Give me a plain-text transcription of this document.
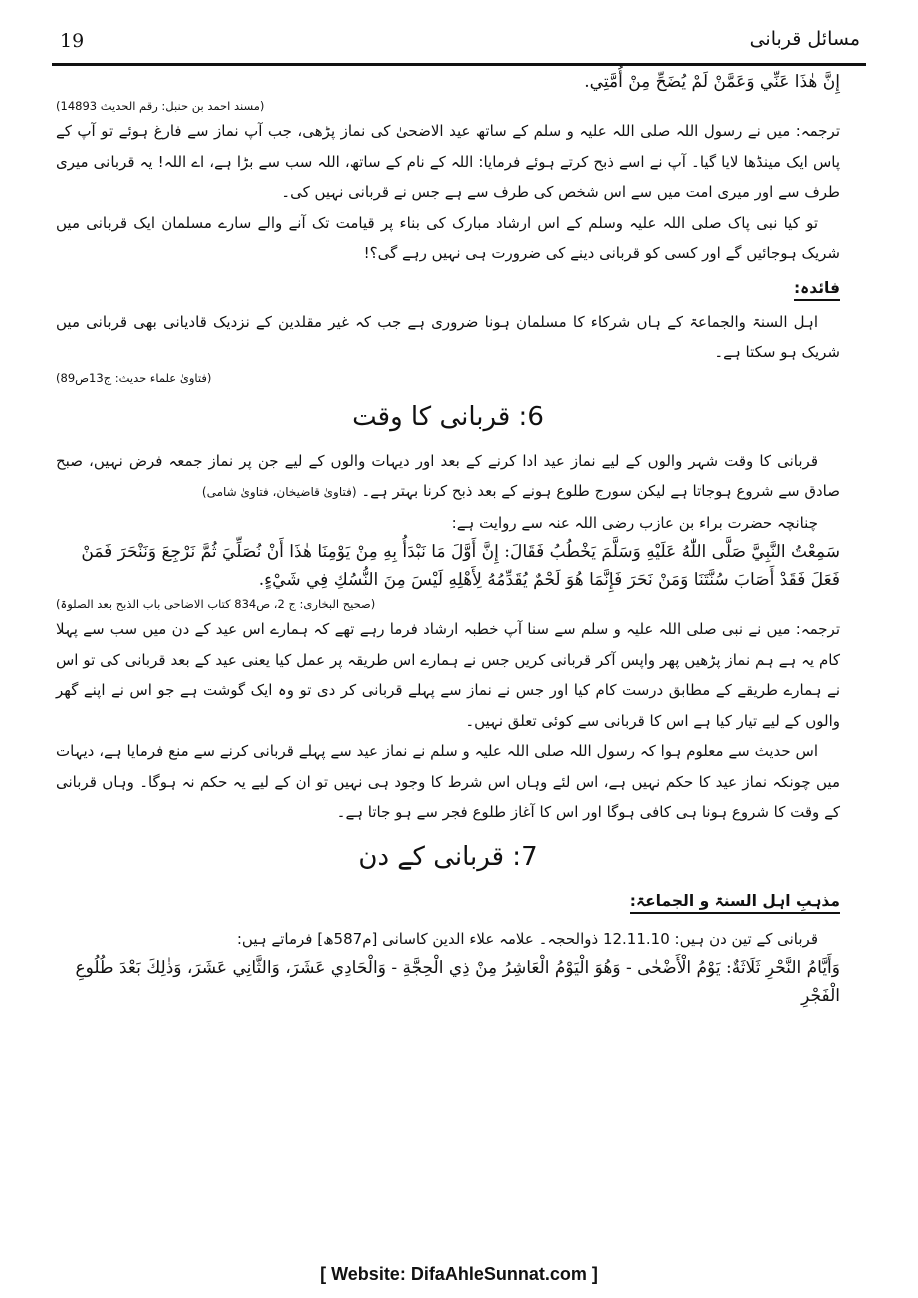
19	مسائل قربانی

إِنَّ هٰذَا عَنِّي وَعَمَّنْ لَمْ يُضَحِّ مِنْ أُمَّتِي.

(مسند احمد بن حنبل: رقم الحدیث 14893)

ترجمہ: میں نے رسول اللہ صلی اللہ علیہ و سلم کے ساتھ عید الاضحیٰ کی نماز پڑھی، جب آپ نماز سے فارغ ہوئے تو آپ کے پاس ایک مینڈھا لایا گیا۔ آپ نے اسے ذبح کرتے ہوئے فرمایا: اللہ کے نام کے ساتھ، اللہ سب سے بڑا ہے، اے اللہ! یہ قربانی میری طرف سے اور میری امت میں سے اس شخص کی طرف سے ہے جس نے قربانی نہیں کی۔

تو کیا نبی پاک صلی اللہ علیہ وسلم کے اس ارشاد مبارک کی بناء پر قیامت تک آنے والے سارے مسلمان ایک قربانی میں شریک ہوجائیں گے اور کسی کو قربانی دینے کی ضرورت ہی نہیں رہے گی؟!

فائدہ:

اہل السنۃ والجماعۃ کے ہاں شرکاء کا مسلمان ہونا ضروری ہے جب کہ غیر مقلدین کے نزدیک قادیانی بھی قربانی میں شریک ہو سکتا ہے۔

(فتاویٰ علماء حدیث: ج13ص89)

6: قربانی کا وقت

قربانی کا وقت شہر والوں کے لیے نماز عید ادا کرنے کے بعد اور دیہات والوں کے لیے جن پر نماز جمعہ فرض نہیں، صبح صادق سے شروع ہوجاتا ہے لیکن سورج طلوع ہونے کے بعد ذبح کرنا بہتر ہے۔ (فتاویٰ قاضیخان، فتاویٰ شامی)

چنانچہ حضرت براء بن عازب رضی اللہ عنہ سے روایت ہے:

سَمِعْتُ النَّبِيَّ صَلَّى اللّٰهُ عَلَيْهِ وَسَلَّمَ يَخْطُبُ فَقَالَ: إِنَّ أَوَّلَ مَا نَبْدَأُ بِهِ مِنْ يَوْمِنَا هٰذَا أَنْ نُصَلِّيَ ثُمَّ نَرْجِعَ وَنَنْحَرَ فَمَنْ فَعَلَ فَقَدْ أَصَابَ سُنَّتَنَا وَمَنْ نَحَرَ فَإِنَّمَا هُوَ لَحْمٌ يُقَدِّمُهُ لِأَهْلِهِ لَيْسَ مِنَ النُّسُكِ فِي شَيْءٍ.

(صحیح البخاری: ج 2، ص834 کتاب الاضاحی باب الذبح بعد الصلوۃ)

ترجمہ: میں نے نبی صلی اللہ علیہ و سلم سے سنا آپ خطبہ ارشاد فرما رہے تھے کہ ہمارے اس عید کے دن میں سب سے پہلا کام یہ ہے ہم نماز پڑھیں پھر واپس آکر قربانی کریں جس نے ہمارے اس طریقہ پر عمل کیا یعنی عید کے بعد قربانی کی تو اس نے ہمارے طریقے کے مطابق درست کام کیا اور جس نے نماز سے پہلے قربانی کر دی تو وہ ایک گوشت ہے جو اس نے اپنے گھر والوں کے لیے تیار کیا ہے اس کا قربانی سے کوئی تعلق نہیں۔

اس حدیث سے معلوم ہوا کہ رسول اللہ صلی اللہ علیہ و سلم نے نماز عید سے پہلے قربانی کرنے سے منع فرمایا ہے، دیہات میں چونکہ نماز عید کا حکم نہیں ہے، اس لئے وہاں اس شرط کا وجود ہی نہیں تو ان کے لیے یہ حکم نہ ہوگا۔ وہاں قربانی کے وقت کا شروع ہونا ہی کافی ہوگا اور اس کا آغاز طلوع فجر سے ہو جاتا ہے۔

7: قربانی کے دن
مذہبِ اہل السنۃ و الجماعۃ:

قربانی کے تین دن ہیں: 12.11.10 ذوالحجہ۔ علامہ علاء الدین کاسانی [م587ھ] فرماتے ہیں:

وَأَيَّامُ النَّحْرِ ثَلَاثَةٌ: يَوْمُ الْأَضْحٰى - وَهُوَ الْيَوْمُ الْعَاشِرُ مِنْ ذِي الْحِجَّةِ - وَالْحَادِي عَشَرَ، وَالثَّانِي عَشَرَ، وَذٰلِكَ بَعْدَ طُلُوعِ الْفَجْرِ

[ Website: DifaAhleSunnat.com ]
